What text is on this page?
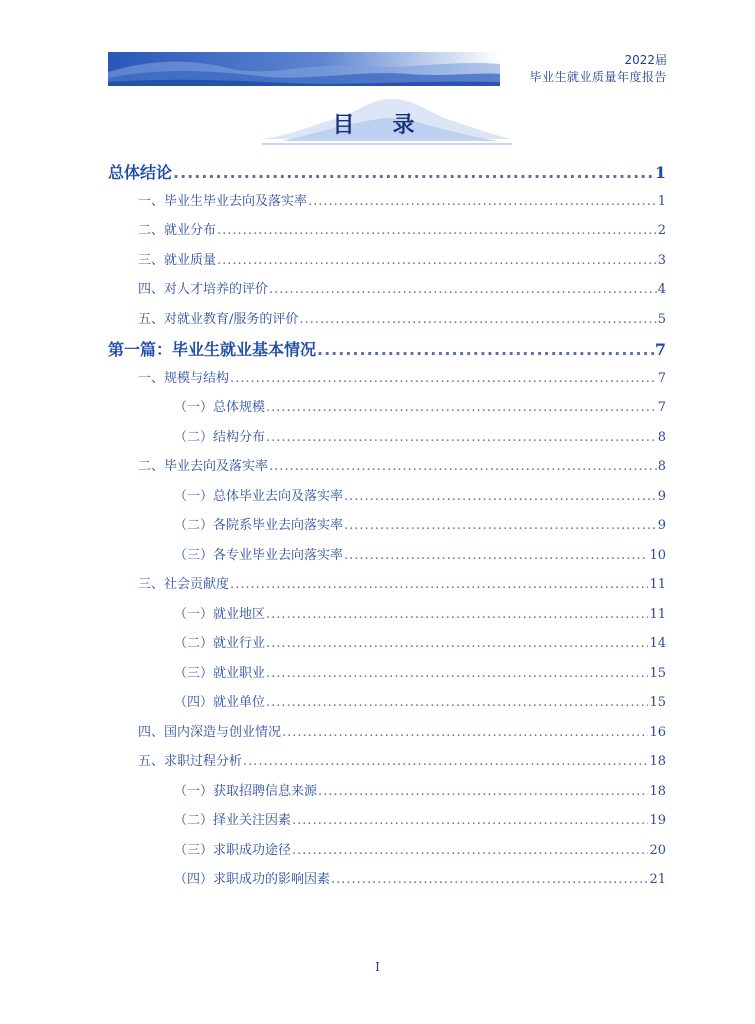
2022届
毕业生就业质量年度报告
目　录
总体结论 .....	1
一、毕业生毕业去向及落实率 .....	1
二、就业分布 .....	2
三、就业质量 .....	3
四、对人才培养的评价 .....	4
五、对就业教育/服务的评价 .....	5
第一篇：毕业生就业基本情况 .....	7
一、规模与结构 .....	7
（一）总体规模 .....	7
（二）结构分布 .....	8
二、毕业去向及落实率 .....	8
（一）总体毕业去向及落实率 .....	9
（二）各院系毕业去向落实率 .....	9
（三）各专业毕业去向落实率 .....	10
三、社会贡献度 .....	11
（一）就业地区 .....	11
（二）就业行业 .....	14
（三）就业职业 .....	15
（四）就业单位 .....	15
四、国内深造与创业情况 .....	16
五、求职过程分析 .....	18
（一）获取招聘信息来源 .....	18
（二）择业关注因素 .....	19
（三）求职成功途径 .....	20
（四）求职成功的影响因素 .....	21
I
